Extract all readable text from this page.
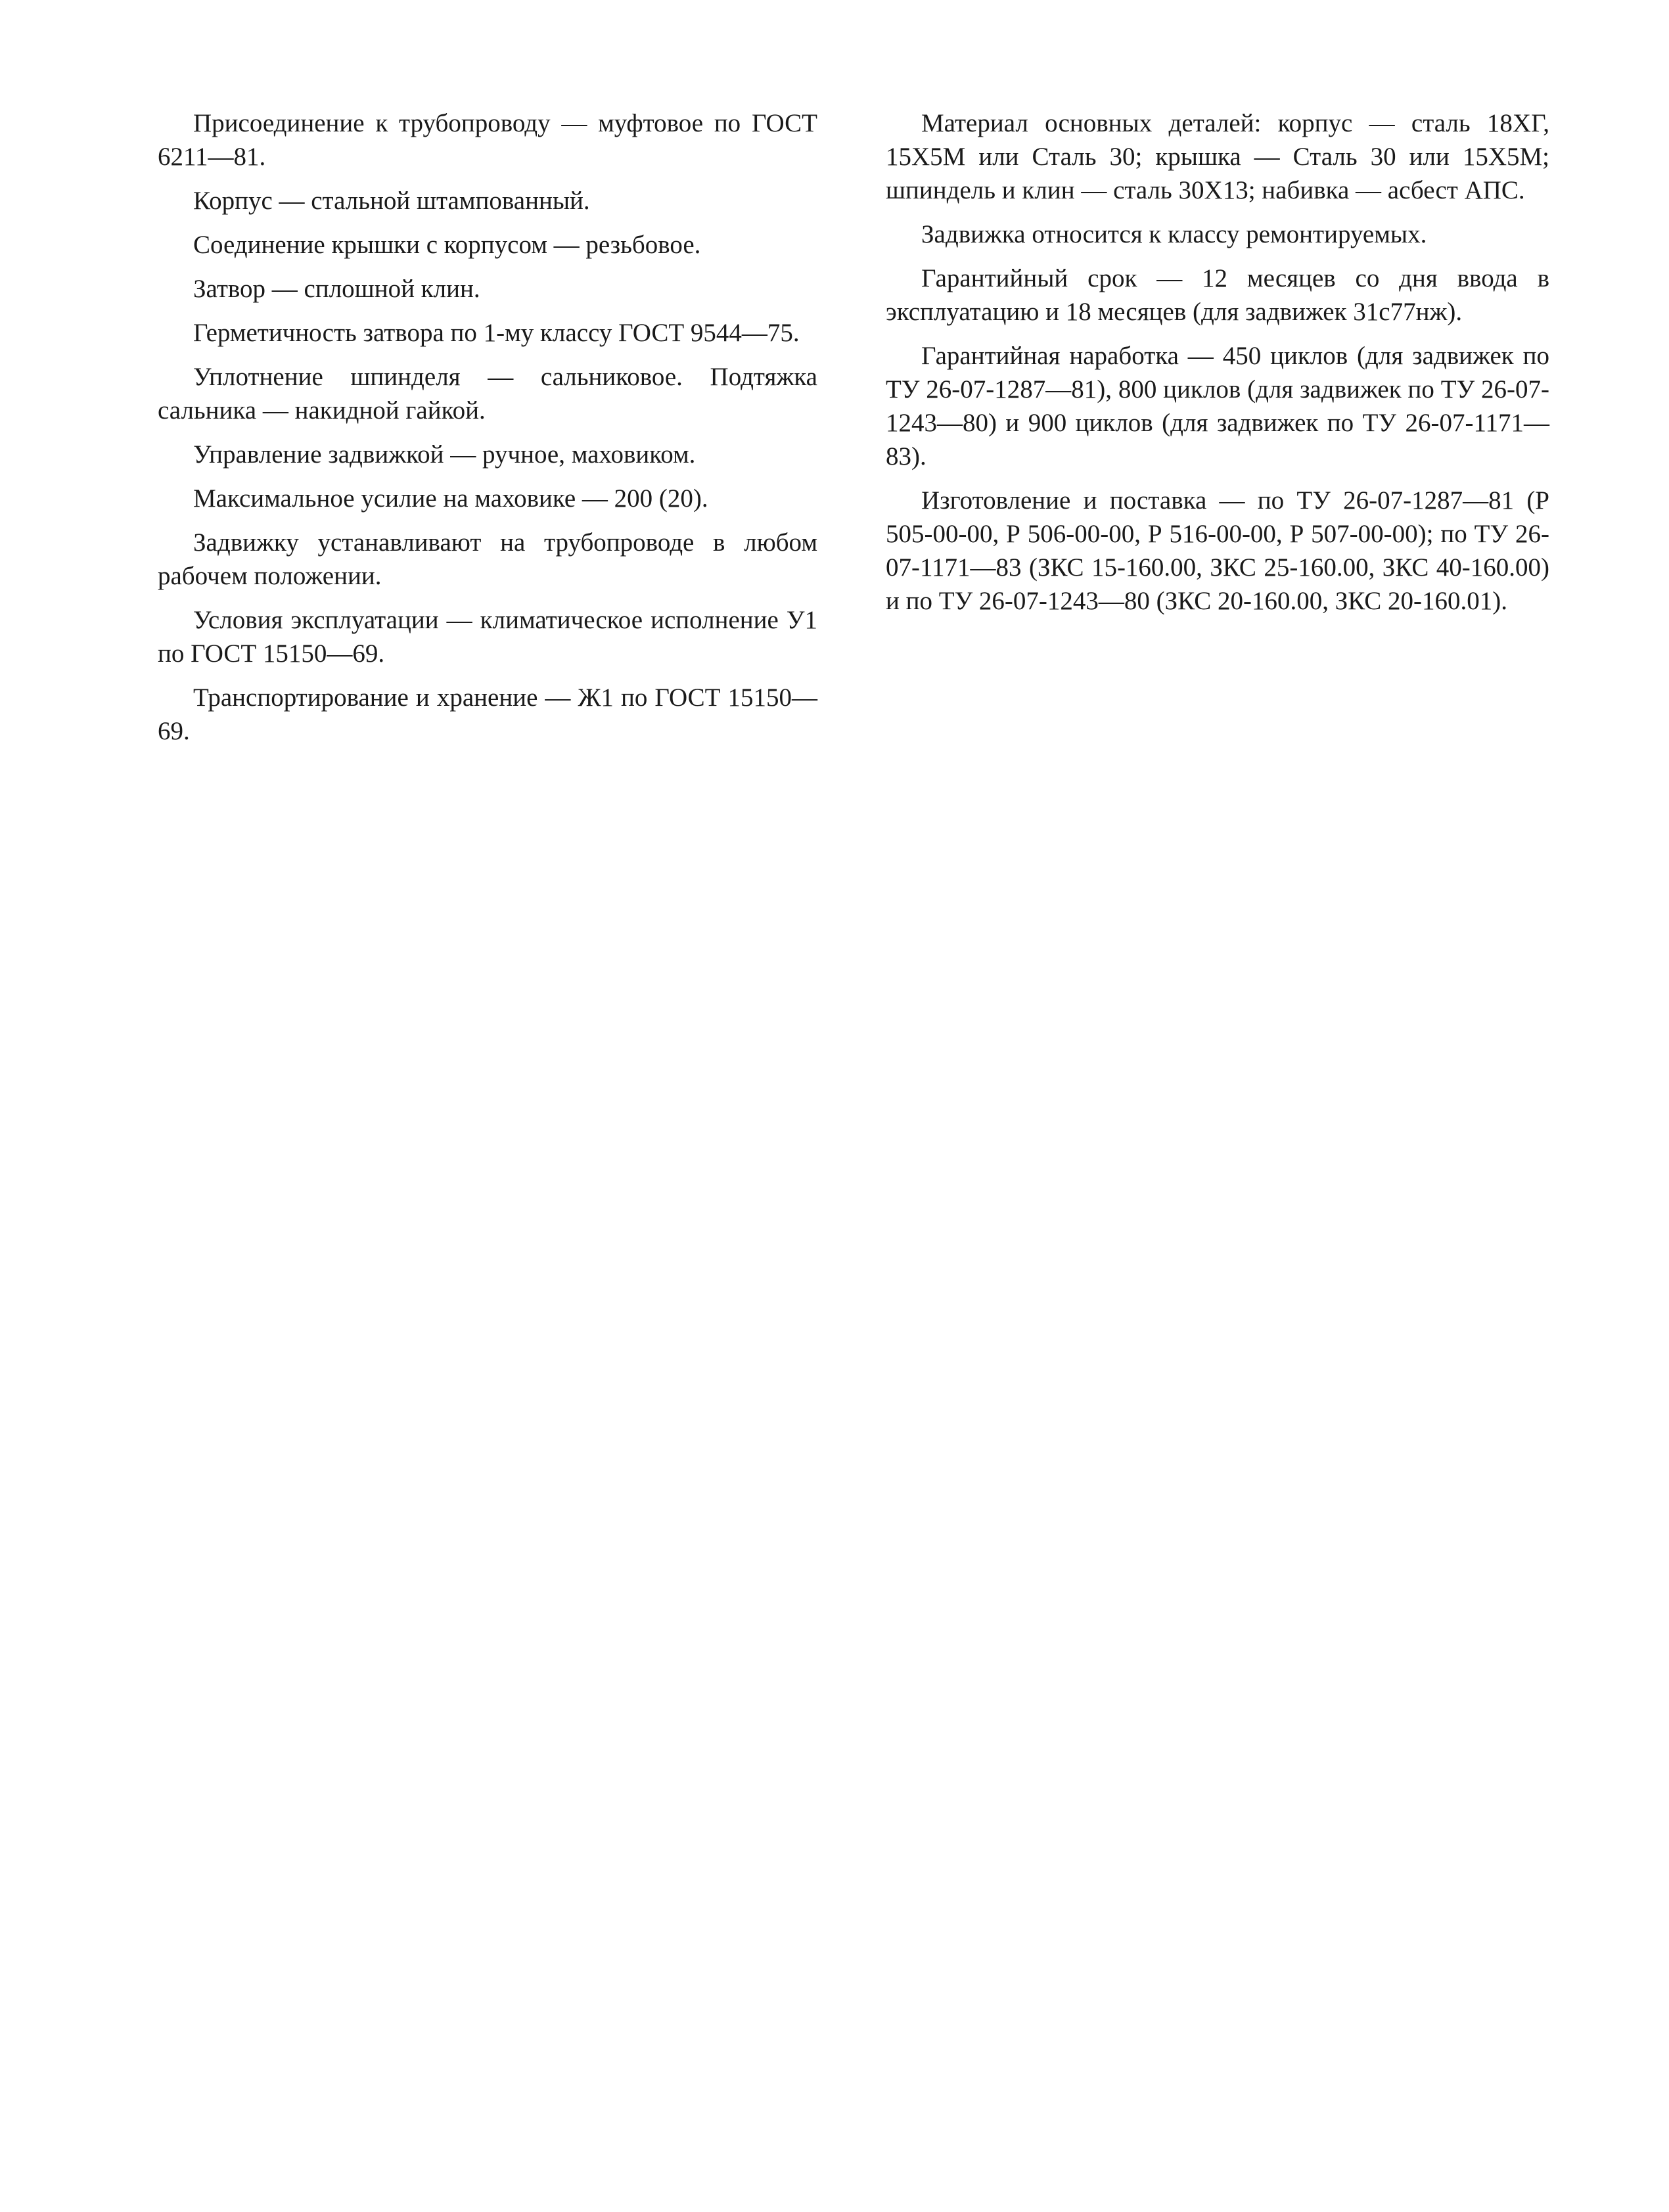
Присоединение к трубопроводу — муфтовое по ГОСТ 6211—81.

Корпус — стальной штампованный.

Соединение крышки с корпусом — резьбовое.

Затвор — сплошной клин.

Герметичность затвора по 1-му классу ГОСТ 9544—75.

Уплотнение шпинделя — сальниковое. Подтяжка сальника — накидной гайкой.

Управление задвижкой — ручное, маховиком.

Максимальное усилие на маховике — 200 (20).

Задвижку устанавливают на трубопроводе в любом рабочем положении.

Условия эксплуатации — климатическое исполнение У1 по ГОСТ 15150—69.

Транспортирование и хранение — Ж1 по ГОСТ 15150—69.

Материал основных деталей: корпус — сталь 18ХГ, 15Х5М или Сталь 30; крышка — Сталь 30 или 15Х5М; шпиндель и клин — сталь 30Х13; набивка — асбест АПС.

Задвижка относится к классу ремонтируемых.

Гарантийный срок — 12 месяцев со дня ввода в эксплуатацию и 18 месяцев (для задвижек 31с77нж).

Гарантийная наработка — 450 циклов (для задвижек по ТУ 26-07-1287—81), 800 циклов (для задвижек по ТУ 26-07-1243—80) и 900 циклов (для задвижек по ТУ 26-07-1171—83).

Изготовление и поставка — по ТУ 26-07-1287—81 (Р 505-00-00, Р 506-00-00, Р 516-00-00, Р 507-00-00); по ТУ 26-07-1171—83 (ЗКС 15-160.00, ЗКС 25-160.00, ЗКС 40-160.00) и по ТУ 26-07-1243—80 (ЗКС 20-160.00, ЗКС 20-160.01).
